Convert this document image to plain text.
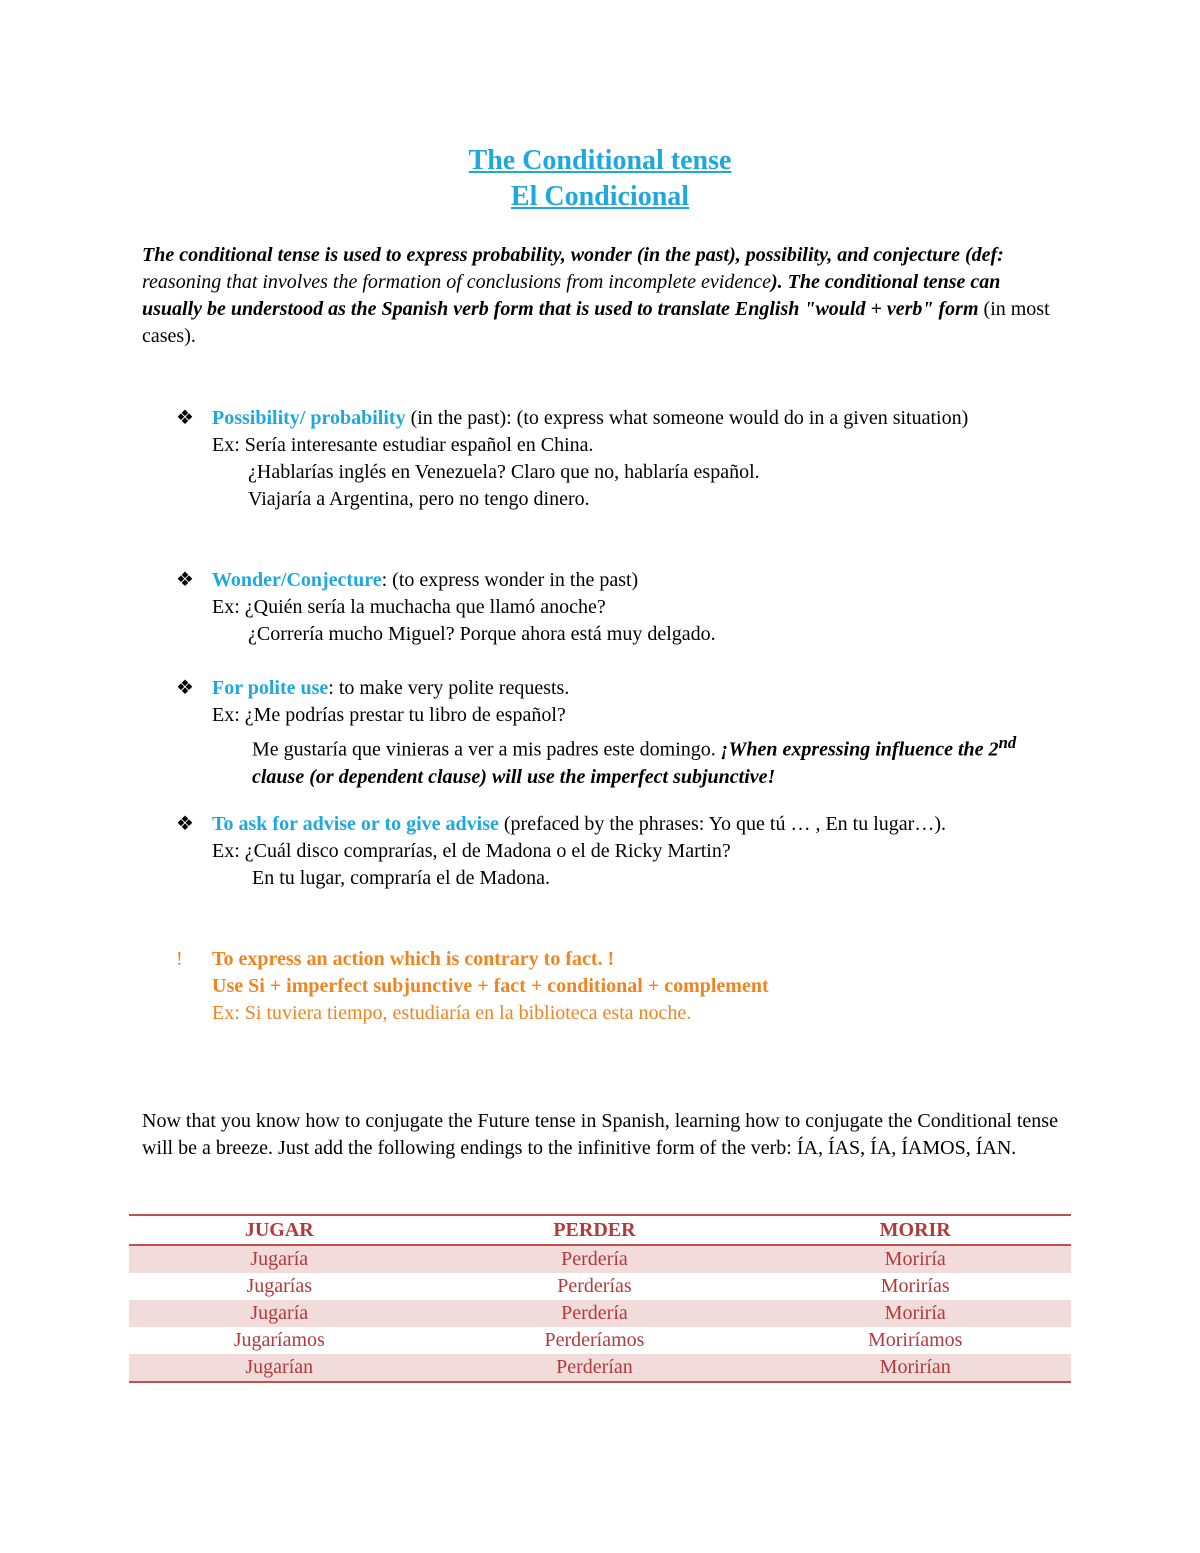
The Conditional tense
El Condicional
The conditional tense is used to express probability, wonder (in the past), possibility, and conjecture (def: reasoning that involves the formation of conclusions from incomplete evidence). The conditional tense can usually be understood as the Spanish verb form that is used to translate English "would + verb" form (in most cases).
❖ Possibility/ probability (in the past): (to express what someone would do in a given situation)
Ex: Sería interesante estudiar español en China.
¿Hablarías inglés en Venezuela? Claro que no, hablaría español.
Viajaría a Argentina, pero no tengo dinero.
❖ Wonder/Conjecture: (to express wonder in the past)
Ex: ¿Quién sería la muchacha que llamó anoche?
¿Correría mucho Miguel? Porque ahora está muy delgado.
❖ For polite use: to make very polite requests.
Ex: ¿Me podrías prestar tu libro de español?
Me gustaría que vinieras a ver a mis padres este domingo. ¡When expressing influence the 2nd clause (or dependent clause) will use the imperfect subjunctive!
❖ To ask for advise or to give advise (prefaced by the phrases: Yo que tú … , En tu lugar…).
Ex: ¿Cuál disco comprarías, el de Madona o el de Ricky Martin?
En tu lugar, compraría el de Madona.
! To express an action which is contrary to fact. !
Use Si + imperfect subjunctive + fact + conditional + complement
Ex: Si tuviera tiempo, estudiaría en la biblioteca esta noche.
Now that you know how to conjugate the Future tense in Spanish, learning how to conjugate the Conditional tense will be a breeze. Just add the following endings to the infinitive form of the verb: ÍA, ÍAS, ÍA, ÍAMOS, ÍAN.
JUGAR	PERDER	MORIR
Jugaría	Perdería	Moriría
Jugarías	Perderías	Morirías
Jugaría	Perdería	Moriría
Jugaríamos	Perderíamos	Moriríamos
Jugarían	Perderían	Morirían
